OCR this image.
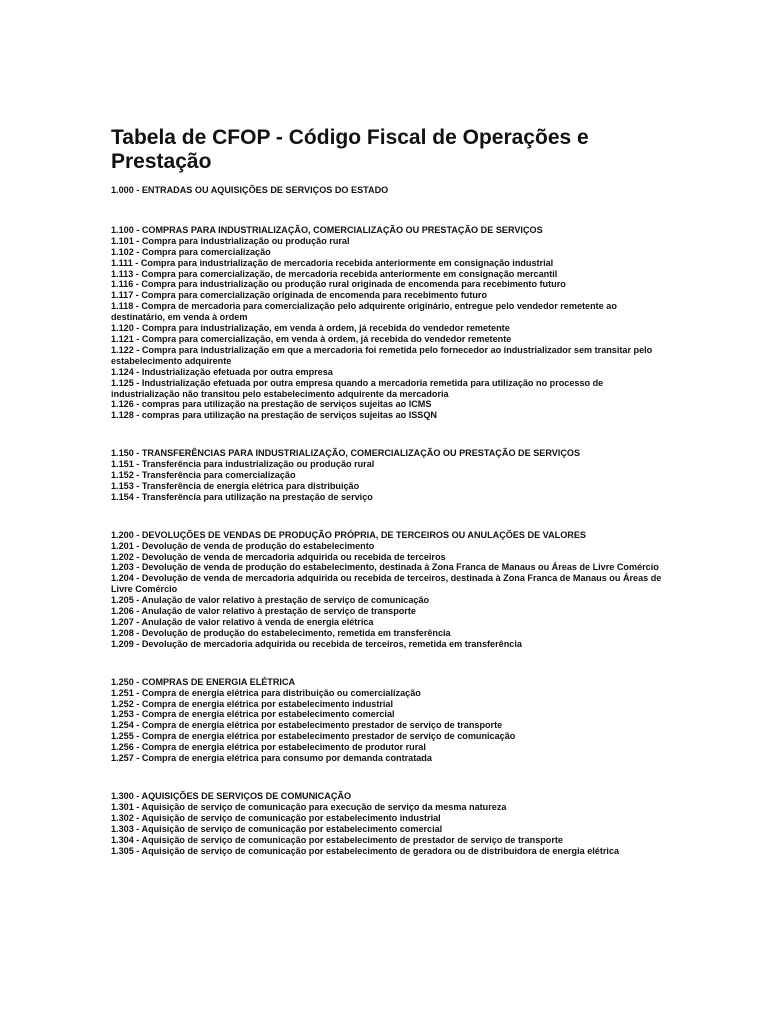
Tabela de CFOP - Código Fiscal de Operações e Prestação
1.000 - ENTRADAS OU AQUISIÇÕES DE SERVIÇOS DO ESTADO
1.100 - COMPRAS PARA INDUSTRIALIZAÇÃO, COMERCIALIZAÇÃO OU PRESTAÇÃO DE SERVIÇOS
1.101 - Compra para industrialização ou produção rural
1.102 - Compra para comercialização
1.111 - Compra para industrialização de mercadoria recebida anteriormente em consignação industrial
1.113 - Compra para comercialização, de mercadoria recebida anteriormente em consignação mercantil
1.116 - Compra para industrialização ou produção rural originada de encomenda para recebimento futuro
1.117 - Compra para comercialização originada de encomenda para recebimento futuro
1.118 - Compra de mercadoria para comercialização pelo adquirente originário, entregue pelo vendedor remetente ao destinatário, em venda à ordem
1.120 - Compra para industrialização, em venda à ordem, já recebida do vendedor remetente
1.121 - Compra para comercialização, em venda à ordem, já recebida do vendedor remetente
1.122 - Compra para industrialização em que a mercadoria foi remetida pelo fornecedor ao industrializador sem transitar pelo estabelecimento adquirente
1.124 - Industrialização efetuada por outra empresa
1.125 - Industrialização efetuada por outra empresa quando a mercadoria remetida para utilização no processo de industrialização não transitou pelo estabelecimento adquirente da mercadoria
1.126 - compras para utilização na prestação de serviços sujeitas ao ICMS
1.128 - compras para utilização na prestação de serviços sujeitas ao ISSQN
1.150 - TRANSFERÊNCIAS PARA INDUSTRIALIZAÇÃO, COMERCIALIZAÇÃO OU PRESTAÇÃO DE SERVIÇOS
1.151 - Transferência para industrialização ou produção rural
1.152 - Transferência para comercialização
1.153 - Transferência de energia elétrica para distribuição
1.154 - Transferência para utilização na prestação de serviço
1.200 - DEVOLUÇÕES DE VENDAS DE PRODUÇÃO PRÓPRIA, DE TERCEIROS OU ANULAÇÕES DE VALORES
1.201 - Devolução de venda de produção do estabelecimento
1.202 - Devolução de venda de mercadoria adquirida ou recebida de terceiros
1.203 - Devolução de venda de produção do estabelecimento, destinada à Zona Franca de Manaus ou Áreas de Livre Comércio
1.204 - Devolução de venda de mercadoria adquirida ou recebida de terceiros, destinada à Zona Franca de Manaus ou Áreas de Livre Comércio
1.205 - Anulação de valor relativo à prestação de serviço de comunicação
1.206 - Anulação de valor relativo à prestação de serviço de transporte
1.207 - Anulação de valor relativo à venda de energia elétrica
1.208 - Devolução de produção do estabelecimento, remetida em transferência
1.209 - Devolução de mercadoria adquirida ou recebida de terceiros, remetida em transferência
1.250 - COMPRAS DE ENERGIA ELÉTRICA
1.251 - Compra de energia elétrica para distribuição ou comercialização
1.252 - Compra de energia elétrica por estabelecimento industrial
1.253 - Compra de energia elétrica por estabelecimento comercial
1.254 - Compra de energia elétrica por estabelecimento prestador de serviço de transporte
1.255 - Compra de energia elétrica por estabelecimento prestador de serviço de comunicação
1.256 - Compra de energia elétrica por estabelecimento de produtor rural
1.257 - Compra de energia elétrica para consumo por demanda contratada
1.300 - AQUISIÇÕES DE SERVIÇOS DE COMUNICAÇÃO
1.301 - Aquisição de serviço de comunicação para execução de serviço da mesma natureza
1.302 - Aquisição de serviço de comunicação por estabelecimento industrial
1.303 - Aquisição de serviço de comunicação por estabelecimento comercial
1.304 - Aquisição de serviço de comunicação por estabelecimento de prestador de serviço de transporte
1.305 - Aquisição de serviço de comunicação por estabelecimento de geradora ou de distribuidora de energia elétrica
